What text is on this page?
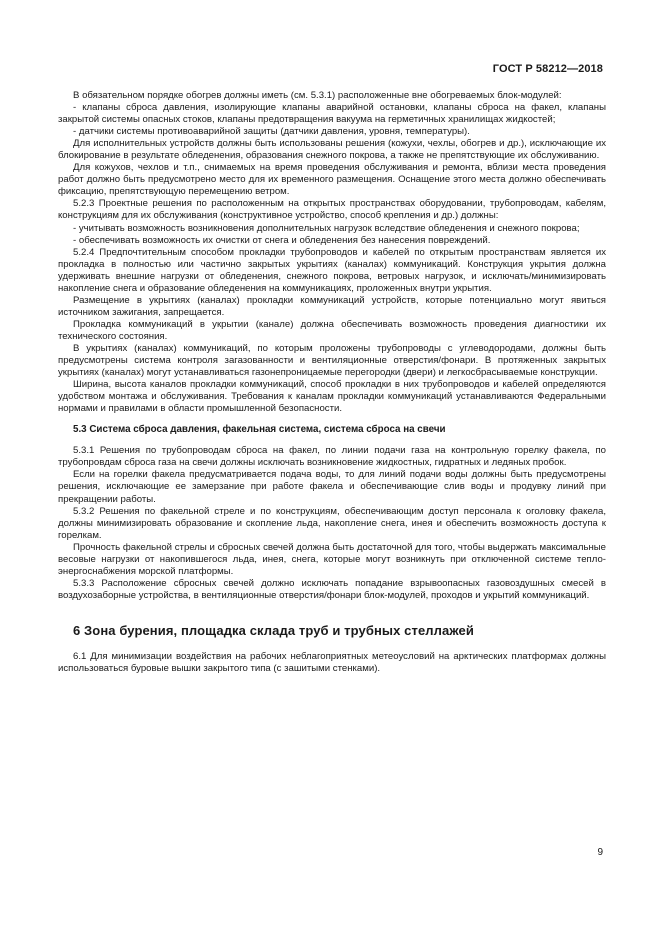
ГОСТ Р 58212—2018

В обязательном порядке обогрев должны иметь (см. 5.3.1) расположенные вне обогреваемых блок-модулей:

- клапаны сброса давления, изолирующие клапаны аварийной остановки, клапаны сброса на факел, клапаны закрытой системы опасных стоков, клапаны предотвращения вакуума на герметичных хранилищах жидкостей;

- датчики системы противоаварийной защиты (датчики давления, уровня, температуры).

Для исполнительных устройств должны быть использованы решения (кожухи, чехлы, обогрев и др.), исключающие их блокирование в результате обледенения, образования снежного покрова, а также не препятствующие их обслуживанию.

Для кожухов, чехлов и т.п., снимаемых на время проведения обслуживания и ремонта, вблизи места проведения работ должно быть предусмотрено место для их временного размещения. Оснащение этого места должно обеспечивать фиксацию, препятствующую перемещению ветром.

5.2.3 Проектные решения по расположенным на открытых пространствах оборудовании, трубопроводам, кабелям, конструкциям для их обслуживания (конструктивное устройство, способ крепления и др.) должны:

- учитывать возможность возникновения дополнительных нагрузок вследствие обледенения и снежного покрова;

- обеспечивать возможность их очистки от снега и обледенения без нанесения повреждений.

5.2.4 Предпочтительным способом прокладки трубопроводов и кабелей по открытым пространствам является их прокладка в полностью или частично закрытых укрытиях (каналах) коммуникаций. Конструкция укрытия должна удерживать внешние нагрузки от обледенения, снежного покрова, ветровых нагрузок, и исключать/минимизировать накопление снега и образование обледенения на коммуникациях, проложенных внутри укрытия.

Размещение в укрытиях (каналах) прокладки коммуникаций устройств, которые потенциально могут явиться источником зажигания, запрещается.

Прокладка коммуникаций в укрытии (канале) должна обеспечивать возможность проведения диагностики их технического состояния.

В укрытиях (каналах) коммуникаций, по которым проложены трубопроводы с углеводородами, должны быть предусмотрены система контроля загазованности и вентиляционные отверстия/фонари. В протяженных закрытых укрытиях (каналах) могут устанавливаться газонепроницаемые перегородки (двери) и легкосбрасываемые конструкции.

Ширина, высота каналов прокладки коммуникаций, способ прокладки в них трубопроводов и кабелей определяются удобством монтажа и обслуживания. Требования к каналам прокладки коммуникаций устанавливаются Федеральными нормами и правилами в области промышленной безопасности.

5.3 Система сброса давления, факельная система, система сброса на свечи

5.3.1 Решения по трубопроводам сброса на факел, по линии подачи газа на контрольную горелку факела, по трубопровдам сброса газа на свечи должны исключать возникновение жидкостных, гидратных и ледяных пробок.

Если на горелки факела предусматривается подача воды, то для линий подачи воды должны быть предусмотрены решения, исключающие ее замерзание при работе факела и обеспечивающие слив воды и продувку линий при прекращении работы.

5.3.2 Решения по факельной стреле и по конструкциям, обеспечивающим доступ персонала к оголовку факела, должны минимизировать образование и скопление льда, накопление снега, инея и обеспечить возможность доступа к горелкам.

Прочность факельной стрелы и сбросных свечей должна быть достаточной для того, чтобы выдержать максимальные весовые нагрузки от накопившегося льда, инея, снега, которые могут возникнуть при отключенной системе тепло- энергоснабжения морской платформы.

5.3.3 Расположение сбросных свечей должно исключать попадание взрывоопасных газовоздушных смесей в воздухозаборные устройства, в вентиляционные отверстия/фонари блок-модулей, проходов и укрытий коммуникаций.

6 Зона бурения, площадка склада труб и трубных стеллажей

6.1 Для минимизации воздействия на рабочих неблагоприятных метеоусловий на арктических платформах должны использоваться буровые вышки закрытого типа (с зашитыми стенками).

9
